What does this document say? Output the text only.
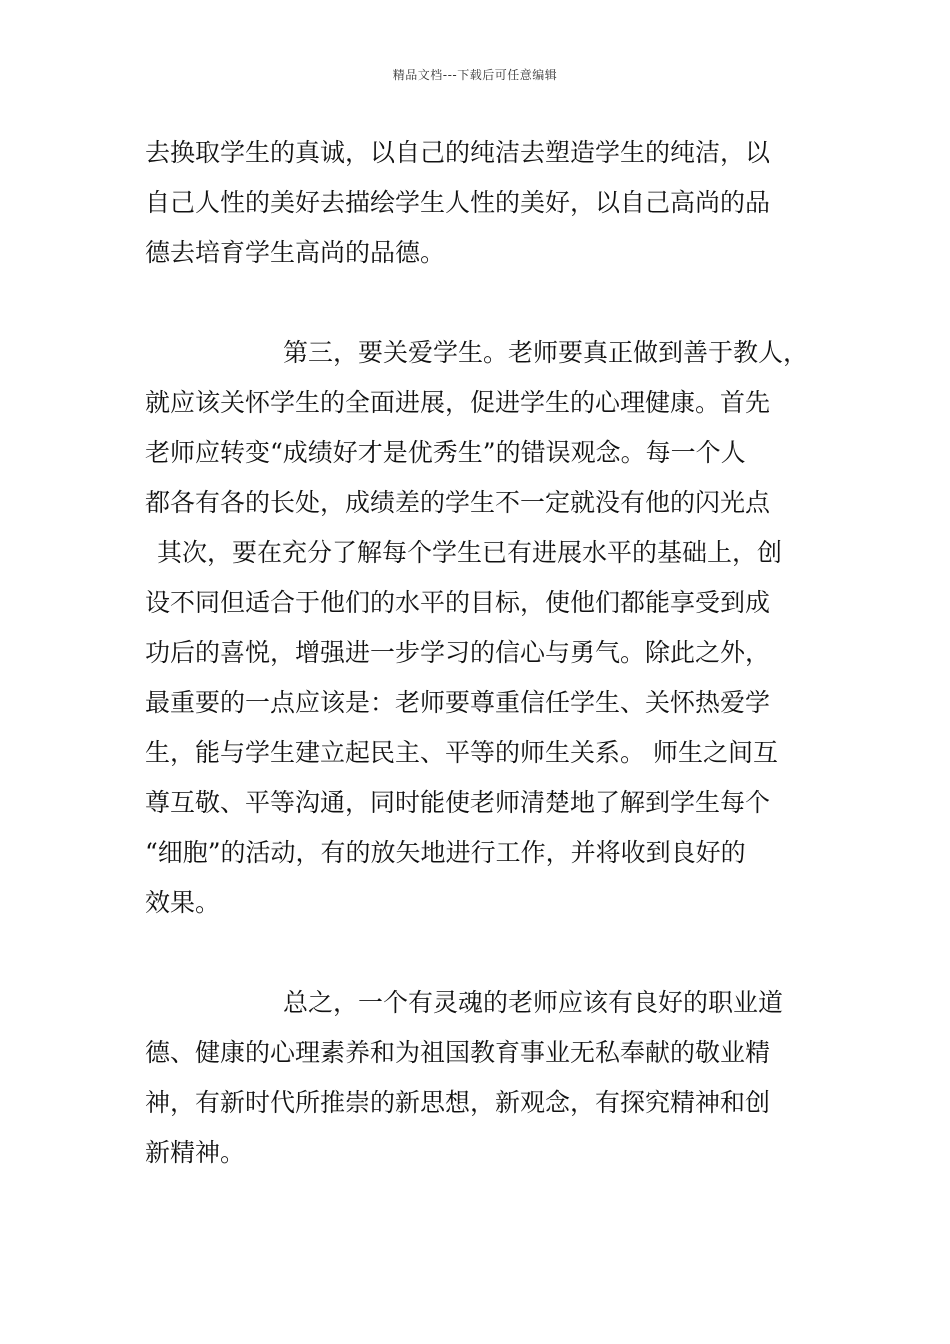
精品文档---下载后可任意编辑
去换取学生的真诚，以自己的纯洁去塑造学生的纯洁，以
自己人性的美好去描绘学生人性的美好，以自己高尚的品
德去培育学生高尚的品德。
第三，要关爱学生。老师要真正做到善于教人，
就应该关怀学生的全面进展，促进学生的心理健康。首先
老师应转变“成绩好才是优秀生”的错误观念。每一个人
都各有各的长处，成绩差的学生不一定就没有他的闪光点
其次，要在充分了解每个学生已有进展水平的基础上，创
设不同但适合于他们的水平的目标，使他们都能享受到成
功后的喜悦，增强进一步学习的信心与勇气。除此之外，
最重要的一点应该是：老师要尊重信任学生、关怀热爱学
生，能与学生建立起民主、平等的师生关系。 师生之间互
尊互敬、平等沟通，同时能使老师清楚地了解到学生每个
“细胞”的活动，有的放矢地进行工作，并将收到良好的
效果。
总之，一个有灵魂的老师应该有良好的职业道
德、健康的心理素养和为祖国教育事业无私奉献的敬业精
神，有新时代所推崇的新思想，新观念，有探究精神和创
新精神。
